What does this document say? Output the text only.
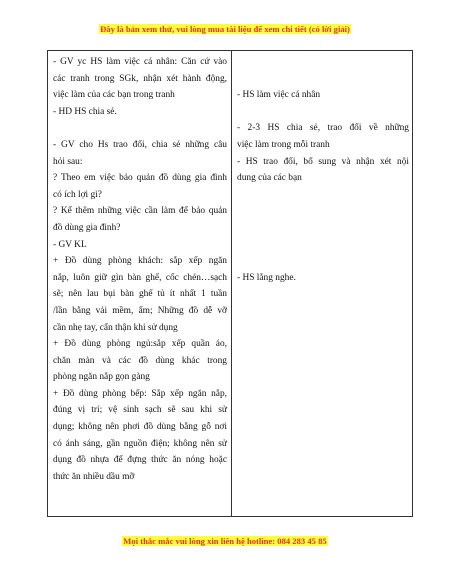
Đây là bản xem thử, vui lòng mua tài liệu để xem chi tiết (có lời giải)
- GV yc HS làm việc cá nhân: Căn cứ vào
các tranh trong SGk, nhận xét hành động,
việc làm của các bạn trong tranh
- HD HS chia sẻ.
- GV cho Hs trao đổi, chia sẻ những câu
hỏi sau:
? Theo em việc bảo quản đồ dùng gia đình
có ích lợi gì?
? Kể thêm những việc cần làm để bảo quản
đồ dùng gia đình?
- GV KL
+ Đồ dùng phòng khách: sắp xếp ngăn
nắp, luôn giữ gìn bàn ghế, cốc chén…sạch
sẽ; nên lau bụi bàn ghế tủ ít nhất 1 tuần
/lần bằng vải mềm, ẩm; Những đồ dễ vỡ
cần nhẹ tay, cẩn thận khi sử dụng
+ Đồ dùng phòng ngủ:sắp xếp quần áo,
chăn màn và các đồ dùng khác trong
phòng ngăn nắp gọn gàng
+ Đồ dùng phòng bếp: Sắp xếp ngăn nắp,
đúng vị trí; vệ sinh sạch sẽ sau khi sử
dụng; không nên phơi đồ dùng bằng gỗ nơi
có ánh sáng, gần nguồn điện; không nên sử
dụng đồ nhựa để đựng thức ăn nóng hoặc
thức ăn nhiều dầu mỡ
- HS làm việc cá nhân
- 2-3 HS chia sẻ, trao đổi về những
việc làm trong mỗi tranh
- HS trao đổi, bổ sung và nhận xét nội
dung của các bạn
- HS lắng nghe.
Mọi thắc mắc vui lòng xin liên hệ hotline: 084 283 45 85
